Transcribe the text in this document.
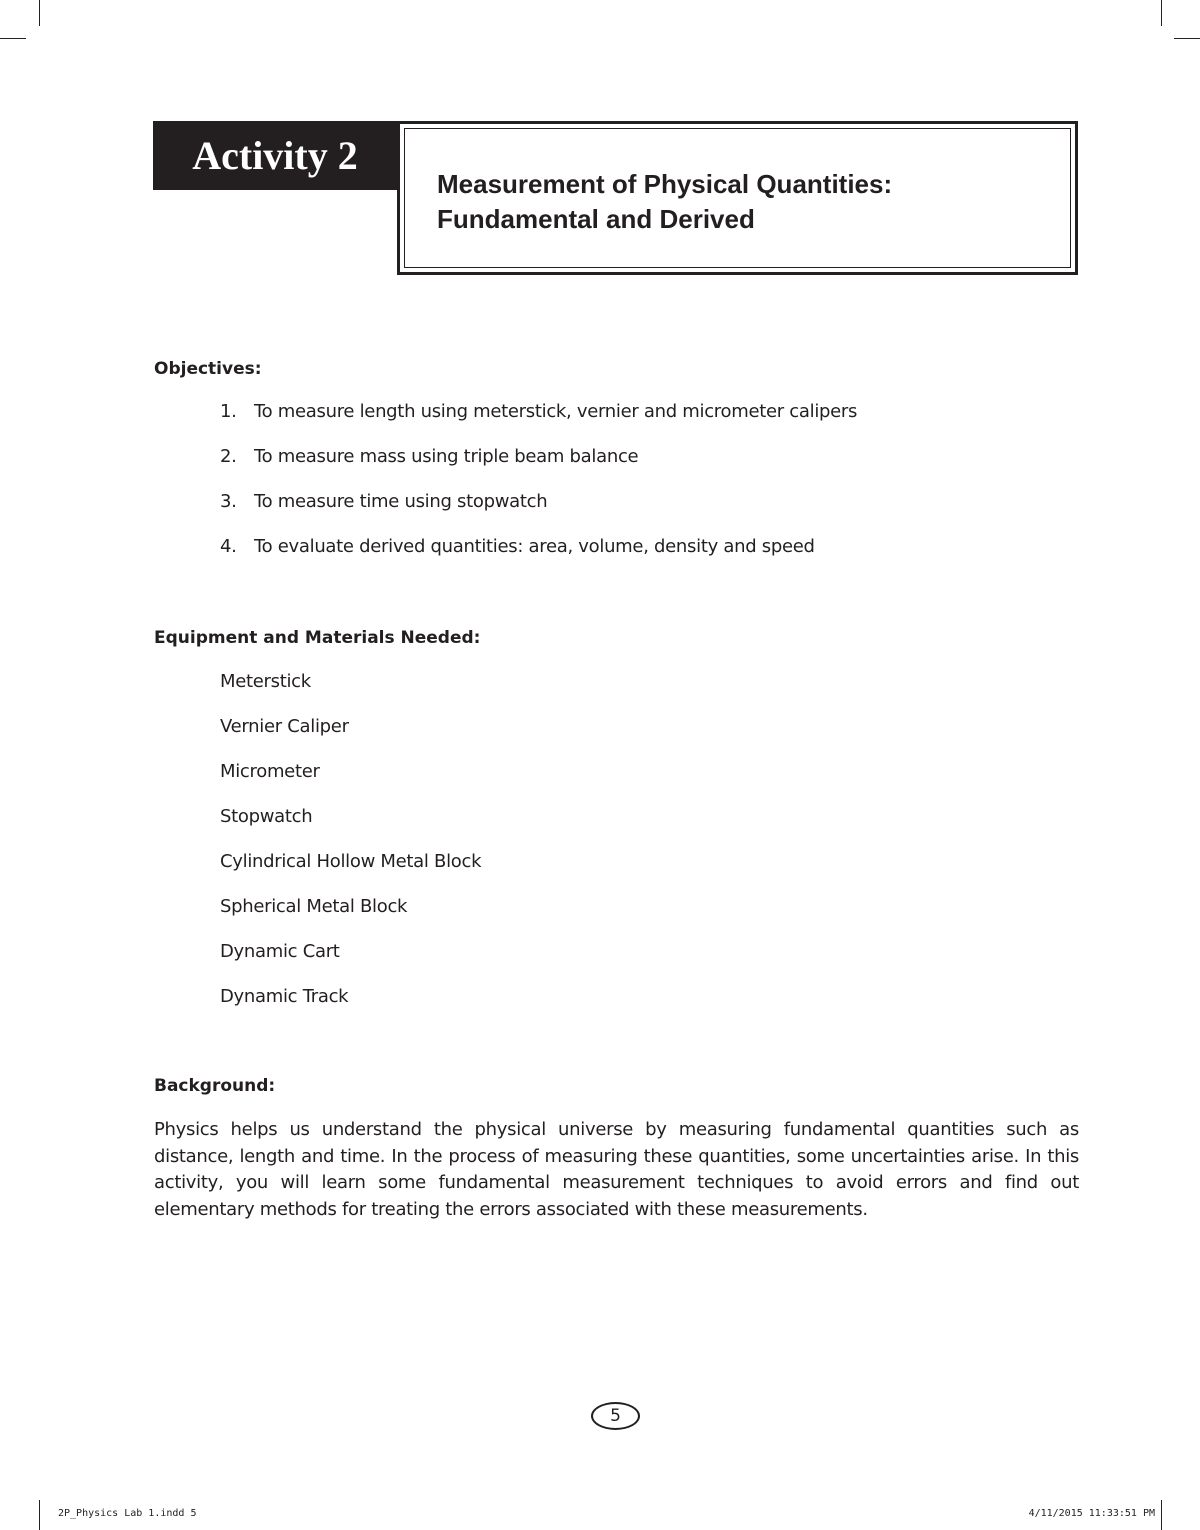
Activity 2
Measurement of Physical Quantities:
Fundamental and Derived
Objectives:
1. To measure length using meterstick, vernier and micrometer calipers
2. To measure mass using triple beam balance
3. To measure time using stopwatch
4. To evaluate derived quantities: area, volume, density and speed
Equipment and Materials Needed:
Meterstick
Vernier Caliper
Micrometer
Stopwatch
Cylindrical Hollow Metal Block
Spherical Metal Block
Dynamic Cart
Dynamic Track
Background:

Physics helps us understand the physical universe by measuring fundamental quantities such as distance, length and time. In the process of measuring these quantities, some uncertainties arise. In this activity, you will learn some fundamental measurement techniques to avoid errors and find out elementary methods for treating the errors associated with these measurements.

5
2P_Physics Lab 1.indd 5	4/11/2015 11:33:51 PM
